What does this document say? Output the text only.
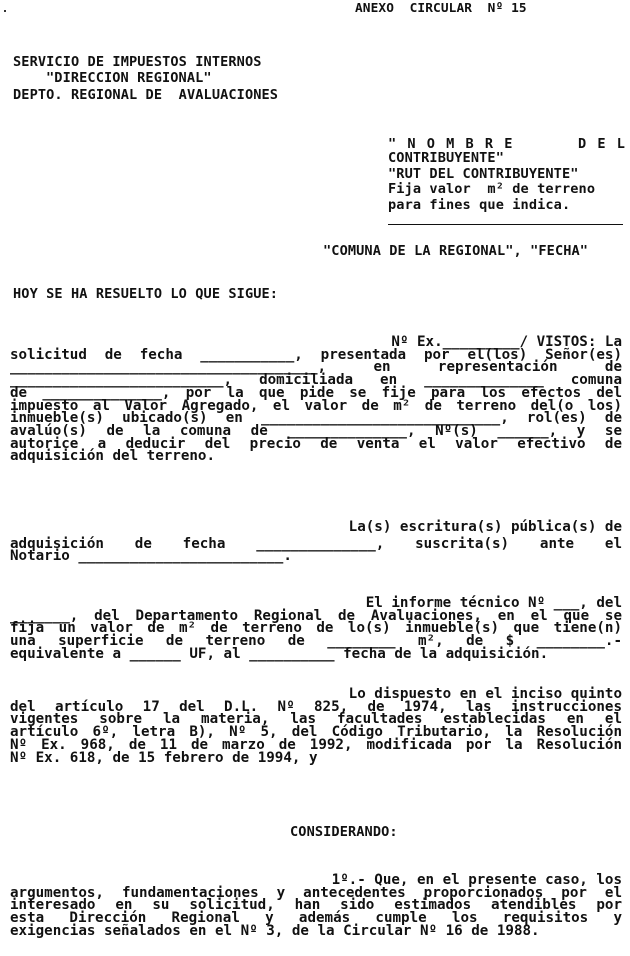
ANEXO  CIRCULAR  Nº 15
SERVICIO DE IMPUESTOS INTERNOS
"DIRECCION REGIONAL"
DEPTO. REGIONAL DE  AVALUACIONES
" N O M B R E	D E L
CONTRIBUYENTE"
"RUT DEL CONTRIBUYENTE"
Fija valor  m² de terreno
para fines que indica.
"COMUNA DE LA REGIONAL", "FECHA"
HOY SE HA RESUELTO LO QUE SIGUE:
Nº Ex._________/ VISTOS: La
solicitud de fecha ___________, presentada por el(los) Señor(es)
____________________________________, en representación de
_________________________, domiciliada en ______________ comuna
de ______________, por la que pide se fije para los efectos del
impuesto al Valor Agregado, el valor de m² de terreno del(o los)
inmueble(s) ubicado(s) en ____________________________, rol(es) de
avalúo(s) de la comuna de ______________, Nº(s) ______, y se
autorice a deducir del precio de venta el valor efectivo de
adquisición del terreno.
La(s) escritura(s) pública(s) de
adquisición de fecha ______________, suscrita(s) ante el
Notario ________________________.
El informe técnico Nº ___, del
_______, del Departamento Regional de Avaluaciones, en el que se
fija un valor de m² de terreno de lo(s) inmueble(s) que tiene(n)
una superficie de terreno de ________ m², de $ ________.-
equivalente a ______ UF, al __________ fecha de la adquisición.
Lo dispuesto en el inciso quinto
del artículo 17 del D.L. Nº 825, de 1974, las instrucciones
vigentes sobre la materia, las facultades establecidas en el
artículo 6º, letra B), Nº 5, del Código Tributario, la Resolución
Nº Ex. 968, de 11 de marzo de 1992, modificada por la Resolución
Nº Ex. 618, de 15 febrero de 1994, y
CONSIDERANDO:
1º.- Que, en el presente caso, los
argumentos, fundamentaciones y antecedentes proporcionados por el
interesado en su solicitud, han sido estimados atendibles por
esta Dirección Regional y además cumple los requisitos y
exigencias señalados en el Nº 3, de la Circular Nº 16 de 1988.
